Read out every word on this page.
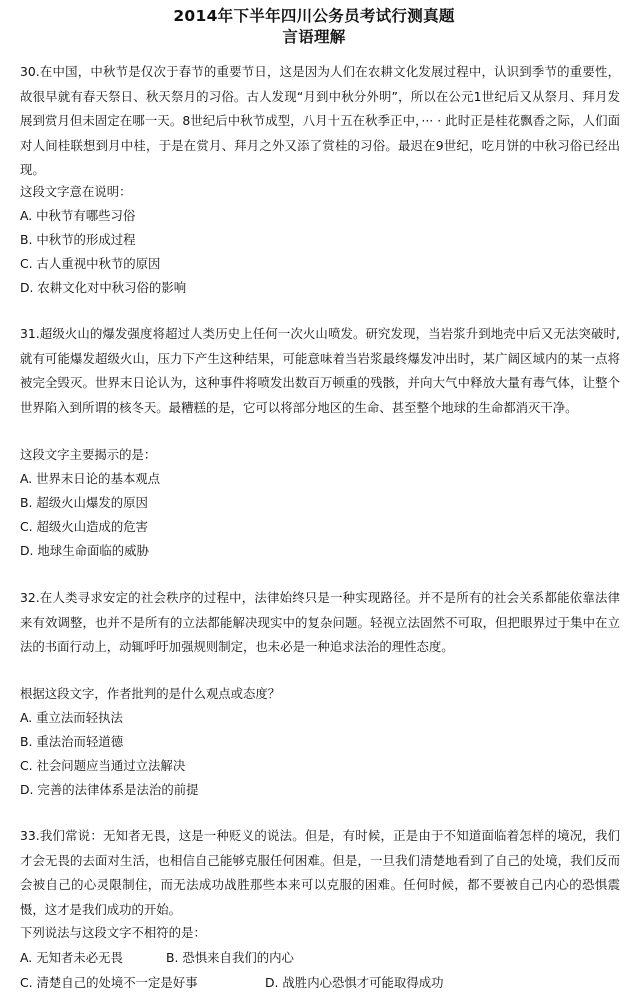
2014年下半年四川公务员考试行测真题
言语理解
30.在中国，中秋节是仅次于春节的重要节日，这是因为人们在农耕文化发展过程中，认识到季节的重要性，故很早就有春天祭日、秋天祭月的习俗。古人发现“月到中秋分外明”，所以在公元1世纪后又从祭月、拜月发展到赏月但未固定在哪一天。8世纪后中秋节成型，八月十五在秋季正中，··· · 此时正是桂花飘香之际，人们面对人间桂联想到月中桂，于是在赏月、拜月之外又添了赏桂的习俗。最迟在9世纪，吃月饼的中秋习俗已经出现。
这段文字意在说明：
A. 中秋节有哪些习俗
B. 中秋节的形成过程
C. 古人重视中秋节的原因
D. 农耕文化对中秋习俗的影响
31.超级火山的爆发强度将超过人类历史上任何一次火山喷发。研究发现，当岩浆升到地壳中后又无法突破时,就有可能爆发超级火山，压力下产生这种结果，可能意味着当岩浆最终爆发冲出时，某广阔区域内的某一点将被完全毁灭。世界末日论认为，这种事件将喷发出数百万顿重的残骸，并向大气中释放大量有毒气体，让整个世界陷入到所谓的核冬天。最糟糕的是，它可以将部分地区的生命、甚至整个地球的生命都消灭干净。
这段文字主要揭示的是：
A. 世界末日论的基本观点
B. 超级火山爆发的原因
C. 超级火山造成的危害
D. 地球生命面临的威胁
32.在人类寻求安定的社会秩序的过程中，法律始终只是一种实现路径。并不是所有的社会关系都能依靠法律来有效调整，也并不是所有的立法都能解决现实中的复杂问题。轻视立法固然不可取，但把眼界过于集中在立法的书面行动上，动辄呼吁加强规则制定，也未必是一种追求法治的理性态度。
根据这段文字，作者批判的是什么观点或态度？
A. 重立法而轻执法
B. 重法治而轻道德
C. 社会问题应当通过立法解决
D. 完善的法律体系是法治的前提
33.我们常说：无知者无畏，这是一种贬义的说法。但是，有时候，正是由于不知道面临着怎样的境况，我们才会无畏的去面对生活，也相信自己能够克服任何困难。但是，一旦我们清楚地看到了自己的处境，我们反而会被自己的心灵限制住，而无法成功战胜那些本来可以克服的困难。任何时候，都不要被自己内心的恐惧震慑，这才是我们成功的开始。
下列说法与这段文字不相符的是：
A. 无知者未必无畏	B. 恐惧来自我们的内心
C. 清楚自己的处境不一定是好事	D. 战胜内心恐惧才可能取得成功
